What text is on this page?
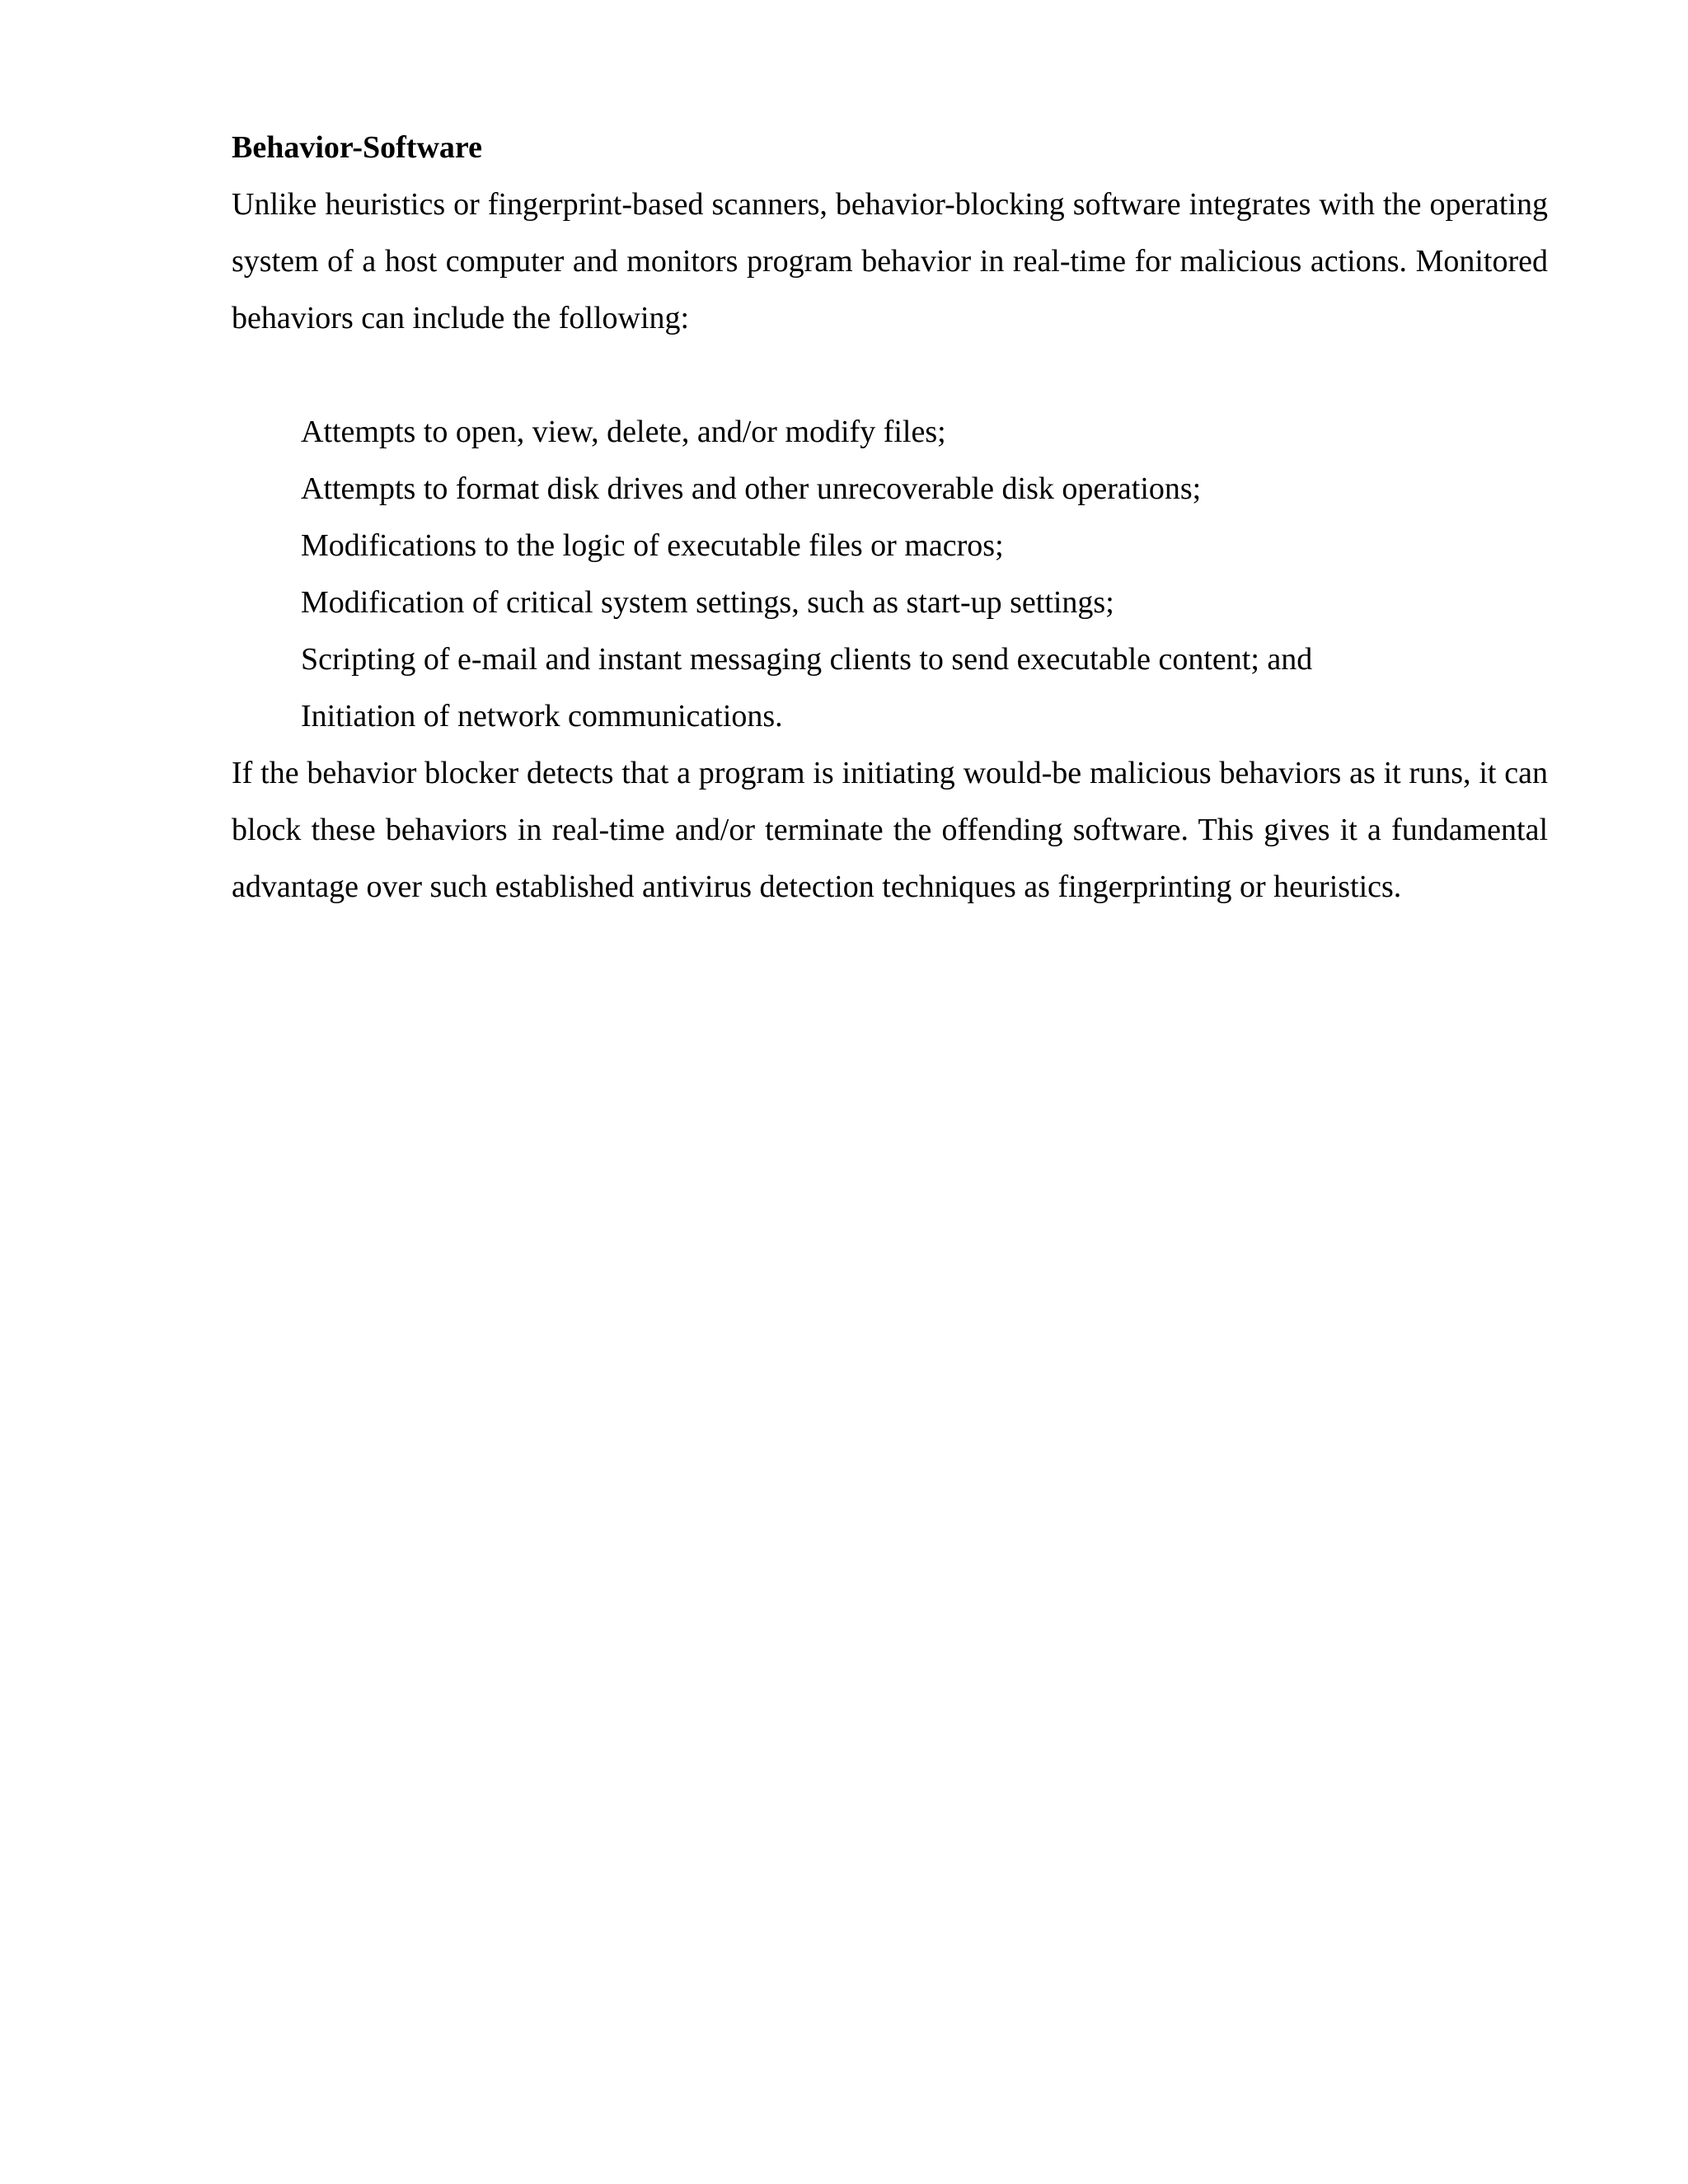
Behavior-Software

Unlike heuristics or fingerprint-based scanners, behavior-blocking software integrates with the operating system of a host computer and monitors program behavior in real-time for malicious actions. Monitored behaviors can include the following:

Attempts to open, view, delete, and/or modify files;
Attempts to format disk drives and other unrecoverable disk operations;
Modifications to the logic of executable files or macros;
Modification of critical system settings, such as start-up settings;
Scripting of e-mail and instant messaging clients to send executable content; and
Initiation of network communications.

If the behavior blocker detects that a program is initiating would-be malicious behaviors as it runs, it can block these behaviors in real-time and/or terminate the offending software. This gives it a fundamental advantage over such established antivirus detection techniques as fingerprinting or heuristics.
